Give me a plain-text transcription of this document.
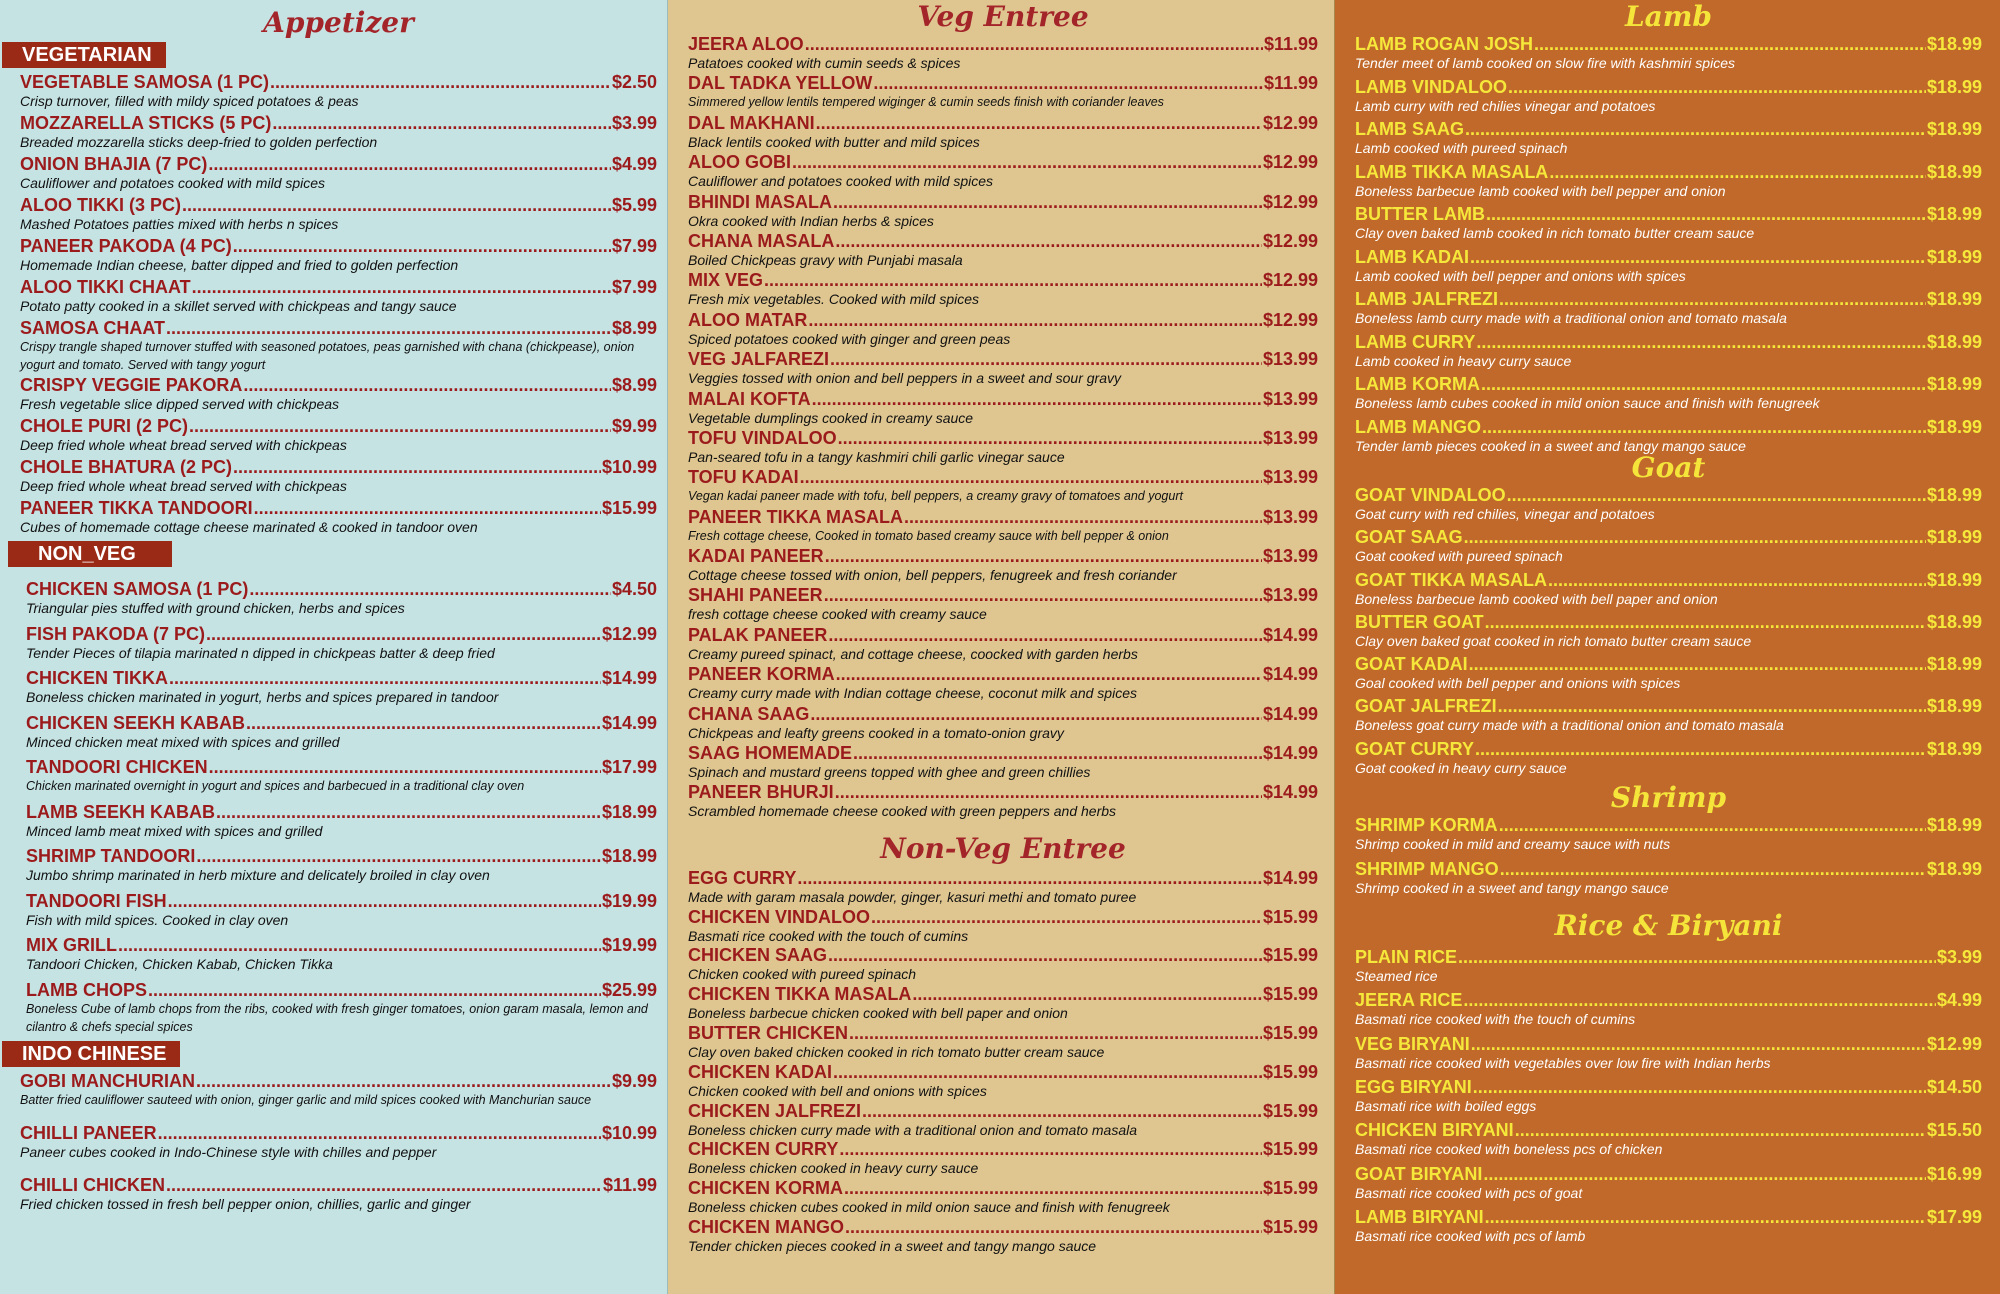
Appetizer
VEGETARIAN
VEGETABLE SAMOSA (1 PC) .....	$2.50
Crisp turnover, filled with mildy spiced potatoes & peas
MOZZARELLA STICKS (5 PC) .....	$3.99
Breaded mozzarella sticks deep-fried to golden perfection
ONION BHAJIA (7 PC) .....	$4.99
Cauliflower and potatoes cooked with mild spices
ALOO TIKKI (3 PC) .....	$5.99
Mashed Potatoes patties mixed with herbs n spices
PANEER PAKODA (4 PC) .....	$7.99
Homemade Indian cheese, batter dipped and fried to golden perfection
ALOO TIKKI CHAAT .....	$7.99
Potato patty cooked in a skillet served with chickpeas and tangy sauce
SAMOSA CHAAT .....	$8.99
Crispy trangle shaped turnover stuffed with seasoned potatoes, peas garnished with chana (chickpease), onion yogurt and tomato. Served with tangy yogurt
CRISPY VEGGIE PAKORA .....	$8.99
Fresh vegetable slice dipped served with chickpeas
CHOLE PURI (2 PC) .....	$9.99
Deep fried whole wheat bread served with chickpeas
CHOLE BHATURA (2 PC) .....	$10.99
Deep fried whole wheat bread served with chickpeas
PANEER TIKKA TANDOORI .....	$15.99
Cubes of homemade cottage cheese marinated & cooked in tandoor oven
NON_VEG
CHICKEN SAMOSA (1 PC) .....	$4.50
Triangular pies stuffed with ground chicken, herbs and spices
FISH PAKODA (7 PC) .....	$12.99
Tender Pieces of tilapia marinated n dipped in chickpeas batter & deep fried
CHICKEN TIKKA .....	$14.99
Boneless chicken marinated in yogurt, herbs and spices prepared in tandoor
CHICKEN SEEKH KABAB .....	$14.99
Minced chicken meat mixed with spices and grilled
TANDOORI CHICKEN .....	$17.99
Chicken marinated overnight in yogurt and spices and barbecued in a traditional clay oven
LAMB SEEKH KABAB .....	$18.99
Minced lamb meat mixed with spices and grilled
SHRIMP TANDOORI .....	$18.99
Jumbo shrimp marinated in herb mixture and delicately broiled in clay oven
TANDOORI FISH .....	$19.99
Fish with mild spices. Cooked in clay oven
MIX GRILL .....	$19.99
Tandoori Chicken, Chicken Kabab, Chicken Tikka
LAMB CHOPS .....	$25.99
Boneless Cube of lamb chops from the ribs, cooked with fresh ginger tomatoes, onion garam masala, lemon and cilantro & chefs special spices
INDO CHINESE
GOBI MANCHURIAN .....	$9.99
Batter fried cauliflower sauteed with onion, ginger garlic and mild spices cooked with Manchurian sauce
CHILLI PANEER .....	$10.99
Paneer cubes cooked in Indo-Chinese style with chilles and pepper
CHILLI CHICKEN .....	$11.99
Fried chicken tossed in fresh bell pepper onion, chillies, garlic and ginger
Veg Entree
JEERA ALOO .....	$11.99
Patatoes cooked with cumin seeds & spices
DAL TADKA YELLOW .....	$11.99
Simmered yellow lentils tempered wiginger & cumin seeds finish with coriander leaves
DAL MAKHANI .....	$12.99
Black lentils cooked with butter and mild spices
ALOO GOBI .....	$12.99
Cauliflower and potatoes cooked with mild spices
BHINDI MASALA .....	$12.99
Okra cooked with Indian herbs & spices
CHANA MASALA .....	$12.99
Boiled Chickpeas gravy with Punjabi masala
MIX VEG .....	$12.99
Fresh mix vegetables. Cooked with mild spices
ALOO MATAR .....	$12.99
Spiced potatoes cooked with ginger and green peas
VEG JALFAREZI .....	$13.99
Veggies tossed with onion and bell peppers in a sweet and sour gravy
MALAI KOFTA .....	$13.99
Vegetable dumplings cooked in creamy sauce
TOFU VINDALOO .....	$13.99
Pan-seared tofu in a tangy kashmiri chili garlic vinegar sauce
TOFU KADAI .....	$13.99
Vegan kadai paneer made with tofu, bell peppers, a creamy gravy of tomatoes and yogurt
PANEER TIKKA MASALA .....	$13.99
Fresh cottage cheese, Cooked in tomato based creamy sauce with bell pepper & onion
KADAI PANEER .....	$13.99
Cottage cheese tossed with onion, bell peppers, fenugreek and fresh coriander
SHAHI PANEER .....	$13.99
fresh cottage cheese cooked with creamy sauce
PALAK PANEER .....	$14.99
Creamy pureed spinact, and cottage cheese, coocked with garden herbs
PANEER KORMA .....	$14.99
Creamy curry made with Indian cottage cheese, coconut milk and spices
CHANA SAAG .....	$14.99
Chickpeas and leafty greens cooked in a tomato-onion gravy
SAAG HOMEMADE .....	$14.99
Spinach and mustard greens topped with ghee and green chillies
PANEER BHURJI .....	$14.99
Scrambled homemade cheese cooked with green peppers and herbs
Non-Veg Entree
EGG CURRY .....	$14.99
Made with garam masala powder, ginger, kasuri methi and tomato puree
CHICKEN VINDALOO .....	$15.99
Basmati rice cooked with the touch of cumins
CHICKEN SAAG .....	$15.99
Chicken cooked with pureed spinach
CHICKEN TIKKA MASALA .....	$15.99
Boneless barbecue chicken cooked with bell paper and onion
BUTTER CHICKEN .....	$15.99
Clay oven baked chicken cooked in rich tomato butter cream sauce
CHICKEN KADAI .....	$15.99
Chicken cooked with bell and onions with spices
CHICKEN JALFREZI .....	$15.99
Boneless chicken curry made with a traditional onion and tomato masala
CHICKEN CURRY .....	$15.99
Boneless chicken cooked in heavy curry sauce
CHICKEN KORMA .....	$15.99
Boneless chicken cubes cooked in mild onion sauce and finish with fenugreek
CHICKEN MANGO .....	$15.99
Tender chicken pieces cooked in a sweet and tangy mango sauce
Lamb
LAMB ROGAN JOSH .....	$18.99
Tender meet of lamb cooked on slow fire with kashmiri spices
LAMB VINDALOO .....	$18.99
Lamb curry with red chilies vinegar and potatoes
LAMB SAAG .....	$18.99
Lamb cooked with pureed spinach
LAMB TIKKA MASALA .....	$18.99
Boneless barbecue lamb cooked with bell pepper and onion
BUTTER LAMB .....	$18.99
Clay oven baked lamb cooked in rich tomato butter cream sauce
LAMB KADAI .....	$18.99
Lamb cooked with bell pepper and onions with spices
LAMB JALFREZI .....	$18.99
Boneless lamb curry made with a traditional onion and tomato masala
LAMB CURRY .....	$18.99
Lamb cooked in heavy curry sauce
LAMB KORMA .....	$18.99
Boneless lamb cubes cooked in mild onion sauce and finish with fenugreek
LAMB MANGO .....	$18.99
Tender lamb pieces cooked in a sweet and tangy mango sauce
Goat
GOAT VINDALOO .....	$18.99
Goat curry with red chilies, vinegar and potatoes
GOAT SAAG .....	$18.99
Goat cooked with pureed spinach
GOAT TIKKA MASALA .....	$18.99
Boneless barbecue lamb cooked with bell paper and onion
BUTTER GOAT .....	$18.99
Clay oven baked goat cooked in rich tomato butter cream sauce
GOAT KADAI .....	$18.99
Goal cooked with bell pepper and onions with spices
GOAT JALFREZI .....	$18.99
Boneless goat curry made with a traditional onion and tomato masala
GOAT CURRY .....	$18.99
Goat cooked in heavy curry sauce
Shrimp
SHRIMP KORMA .....	$18.99
Shrimp cooked in mild and creamy sauce with nuts
SHRIMP MANGO .....	$18.99
Shrimp cooked in a sweet and tangy mango sauce
Rice & Biryani
PLAIN RICE .....	$3.99
Steamed rice
JEERA RICE .....	$4.99
Basmati rice cooked with the touch of cumins
VEG BIRYANI .....	$12.99
Basmati rice cooked with vegetables over low fire with Indian herbs
EGG BIRYANI .....	$14.50
Basmati rice with boiled eggs
CHICKEN BIRYANI .....	$15.50
Basmati rice cooked with boneless pcs of chicken
GOAT BIRYANI .....	$16.99
Basmati rice cooked with pcs of goat
LAMB BIRYANI .....	$17.99
Basmati rice cooked with pcs of lamb
